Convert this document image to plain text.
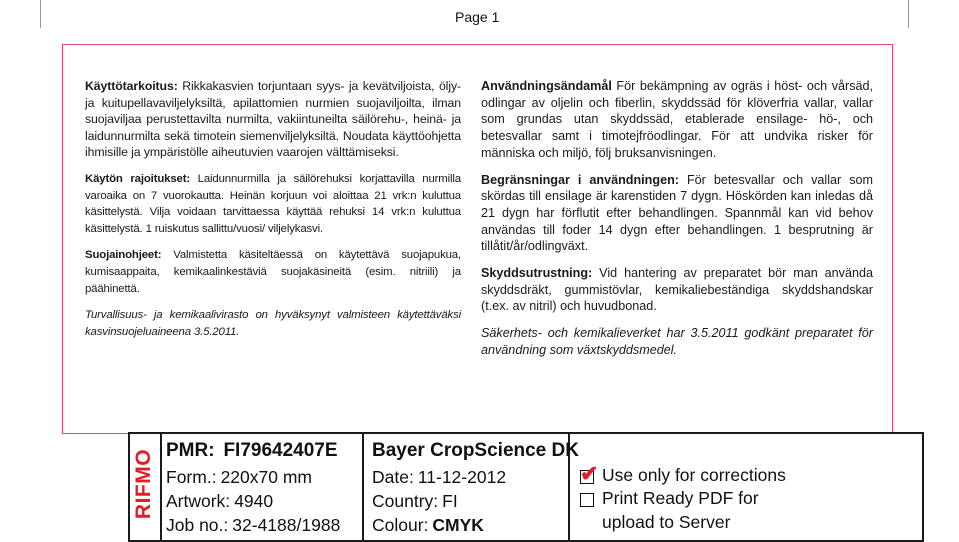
Page 1

Käyttötarkoitus: Rikkakasvien torjuntaan syys- ja kevätviljoista, öljy- ja kuitupellavaviljelyksiltä, apilattomien nurmien suojaviljoilta, ilman suojaviljaa perustettavilta nurmilta, vakiintuneilta säilörehu-, heinä- ja laidunnurmilta sekä timotein siemenviljelyksiltä. Noudata käyttöohjetta ihmisille ja ympäristölle aiheutuvien vaarojen välttämiseksi.

Käytön rajoitukset: Laidunnurmilla ja säilörehuksi korjattavilla nurmilla varoaika on 7 vuorokautta. Heinän korjuun voi aloittaa 21 vrk:n kuluttua käsittelystä. Vilja voidaan tarvittaessa käyttää rehuksi 14 vrk:n kuluttua käsittelystä. 1 ruiskutus sallittu/vuosi/ viljelykasvi.

Suojainohjeet: Valmistetta käsiteltäessä on käytettävä suojapukua, kumisaappaita, kemikaalinkestäviä suojakäsineitä (esim. nitriili) ja päähinettä.

Turvallisuus- ja kemikaalivirasto on hyväksynyt valmisteen käytettäväksi kasvinsuojeluaineena 3.5.2011.

Användningsändamål För bekämpning av ogräs i höst- och vårsäd, odlingar av oljelin och fiberlin, skyddssäd för klöverfria vallar, vallar som grundas utan skyddssäd, etablerade ensilage- hö-, och betesvallar samt i timotejfröodlingar. För att undvika risker för människa och miljö, följ bruksanvisningen.

Begränsningar i användningen: För betesvallar och vallar som skördas till ensilage är karenstiden 7 dygn. Höskörden kan inledas då 21 dygn har förflutit efter behandlingen. Spannmål kan vid behov användas till foder 14 dygn efter behandlingen. 1 besprutning är tillåtit/år/odlingväxt.

Skyddsutrustning: Vid hantering av preparatet bör man använda skyddsdräkt, gummistövlar, kemikaliebeständiga skyddshandskar (t.ex. av nitril) och huvudbonad.

Säkerhets- och kemikalieverket har 3.5.2011 godkänt preparatet för användning som växtskyddsmedel.

RIFMO PMR: FI79642407E
Form.: 220x70 mm
Artwork: 4940
Job no.: 32-4188/1988
Bayer CropScience DK
Date: 11-12-2012
Country: FI
Colour: CMYK
✔ Use only for corrections
Print Ready PDF for
upload to Server
